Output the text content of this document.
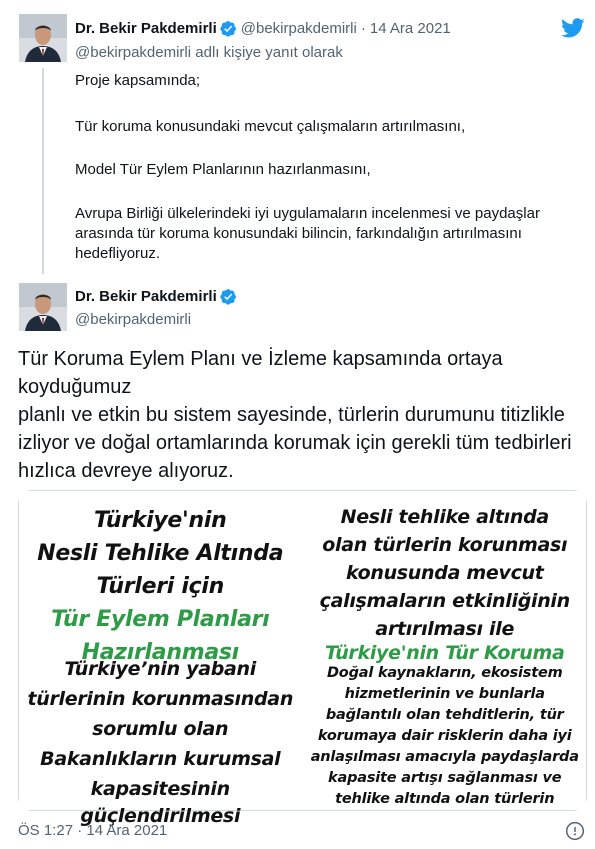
Dr. Bekir Pakdemirli @bekirpakdemirli · 14 Ara 2021
@bekirpakdemirli adlı kişiye yanıt olarak

Proje kapsamında;

Tür koruma konusundaki mevcut çalışmaların artırılmasını,

Model Tür Eylem Planlarının hazırlanmasını,

Avrupa Birliği ülkelerindeki iyi uygulamaların incelenmesi ve paydaşlar arasında tür koruma konusundaki bilincin, farkındalığın artırılmasını hedefliyoruz.

Dr. Bekir Pakdemirli
@bekirpakdemirli

Tür Koruma Eylem Planı ve İzleme kapsamında ortaya koyduğumuz

planlı ve etkin bu sistem sayesinde, türlerin durumunu titizlikle izliyor ve doğal ortamlarında korumak için gerekli tüm tedbirleri hızlıca devreye alıyoruz.

Türkiye'nin
Nesli Tehlike Altında
Türleri için
Tür Eylem Planları
Hazırlanması
Türkiye’nin yabani
türlerinin korunmasından
sorumlu olan
Bakanlıkların kurumsal
kapasitesinin
güçlendirilmesi
Nesli tehlike altında
olan türlerin korunması
konusunda mevcut
çalışmaların etkinliğinin
artırılması ile
Türkiye'nin Tür Koruma
Doğal kaynakların, ekosistem
hizmetlerinin ve bunlarla
bağlantılı olan tehditlerin, tür
korumaya dair risklerin daha iyi
anlaşılması amacıyla paydaşlarda
kapasite artışı sağlanması ve
tehlike altında olan türlerin
ÖS 1:27 · 14 Ara 2021
